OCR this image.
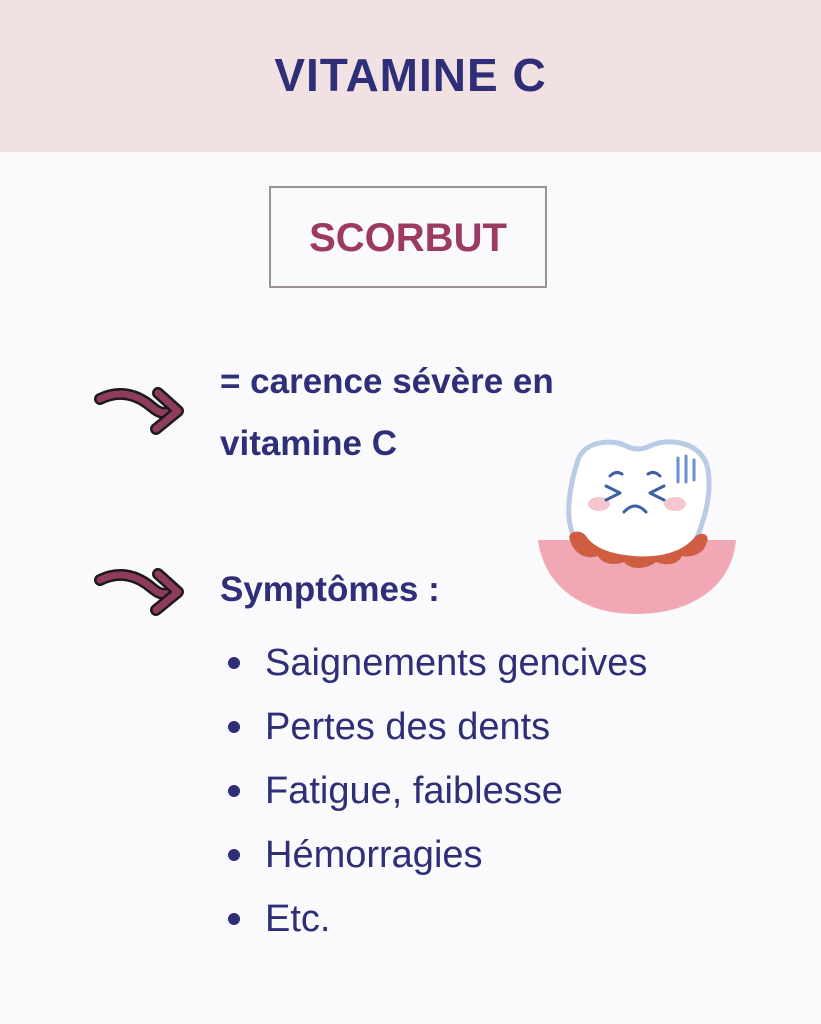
VITAMINE C
SCORBUT
= carence sévère en
vitamine C
Symptômes :
Saignements gencives
Pertes des dents
Fatigue, faiblesse
Hémorragies
Etc.
